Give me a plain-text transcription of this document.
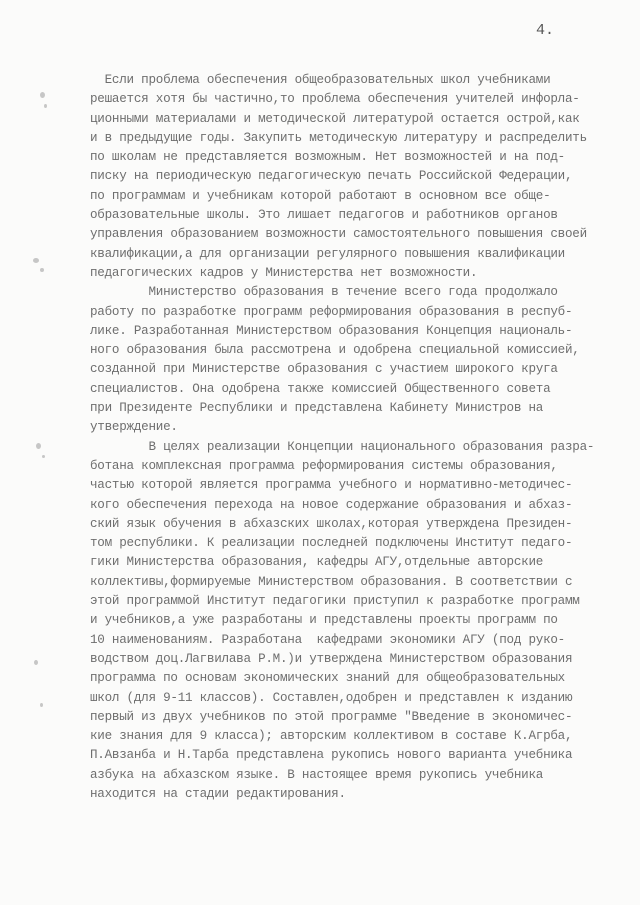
4.
Если проблема обеспечения общеобразовательных школ учебниками
решается хотя бы частично,то проблема обеспечения учителей инфорла-
ционными материалами и методической литературой остается острой,как
и в предыдущие годы. Закупить методическую литературу и распределить
по школам не представляется возможным. Нет возможностей и на под-
писку на периодическую педагогическую печать Российской Федерации,
по программам и учебникам которой работают в основном все обще-
образовательные школы. Это лишает педагогов и работников органов
управления образованием возможности самостоятельного повышения своей
квалификации,а для организации регулярного повышения квалификации
педагогических кадров у Министерства нет возможности.
Министерство образования в течение всего года продолжало
работу по разработке программ реформирования образования в респуб-
лике. Разработанная Министерством образования Концепция националь-
ного образования была рассмотрена и одобрена специальной комиссией,
созданной при Министерстве образования с участием широкого круга
специалистов. Она одобрена также комиссией Общественного совета
при Президенте Республики и представлена Кабинету Министров на
утверждение.
В целях реализации Концепции национального образования разра-
ботана комплексная программа реформирования системы образования,
частью которой является программа учебного и нормативно-методичес-
кого обеспечения перехода на новое содержание образования и абхаз-
ский язык обучения в абхазских школах,которая утверждена Президен-
том республики. К реализации последней подключены Институт педаго-
гики Министерства образования, кафедры АГУ,отдельные авторские
коллективы,формируемые Министерством образования. В соответствии с
этой программой Институт педагогики приступил к разработке программ
и учебников,а уже разработаны и представлены проекты программ по
10 наименованиям. Разработана  кафедрами экономики АГУ (под руко-
водством доц.Лагвилава Р.М.)и утверждена Министерством образования
программа по основам экономических знаний для общеобразовательных
школ (для 9-11 классов). Составлен,одобрен и представлен к изданию
первый из двух учебников по этой программе "Введение в экономичес-
кие знания для 9 класса); авторским коллективом в составе К.Агрба,
П.Авзанба и Н.Тарба представлена рукопись нового варианта учебника
азбука на абхазском языке. В настоящее время рукопись учебника
находится на стадии редактирования.
